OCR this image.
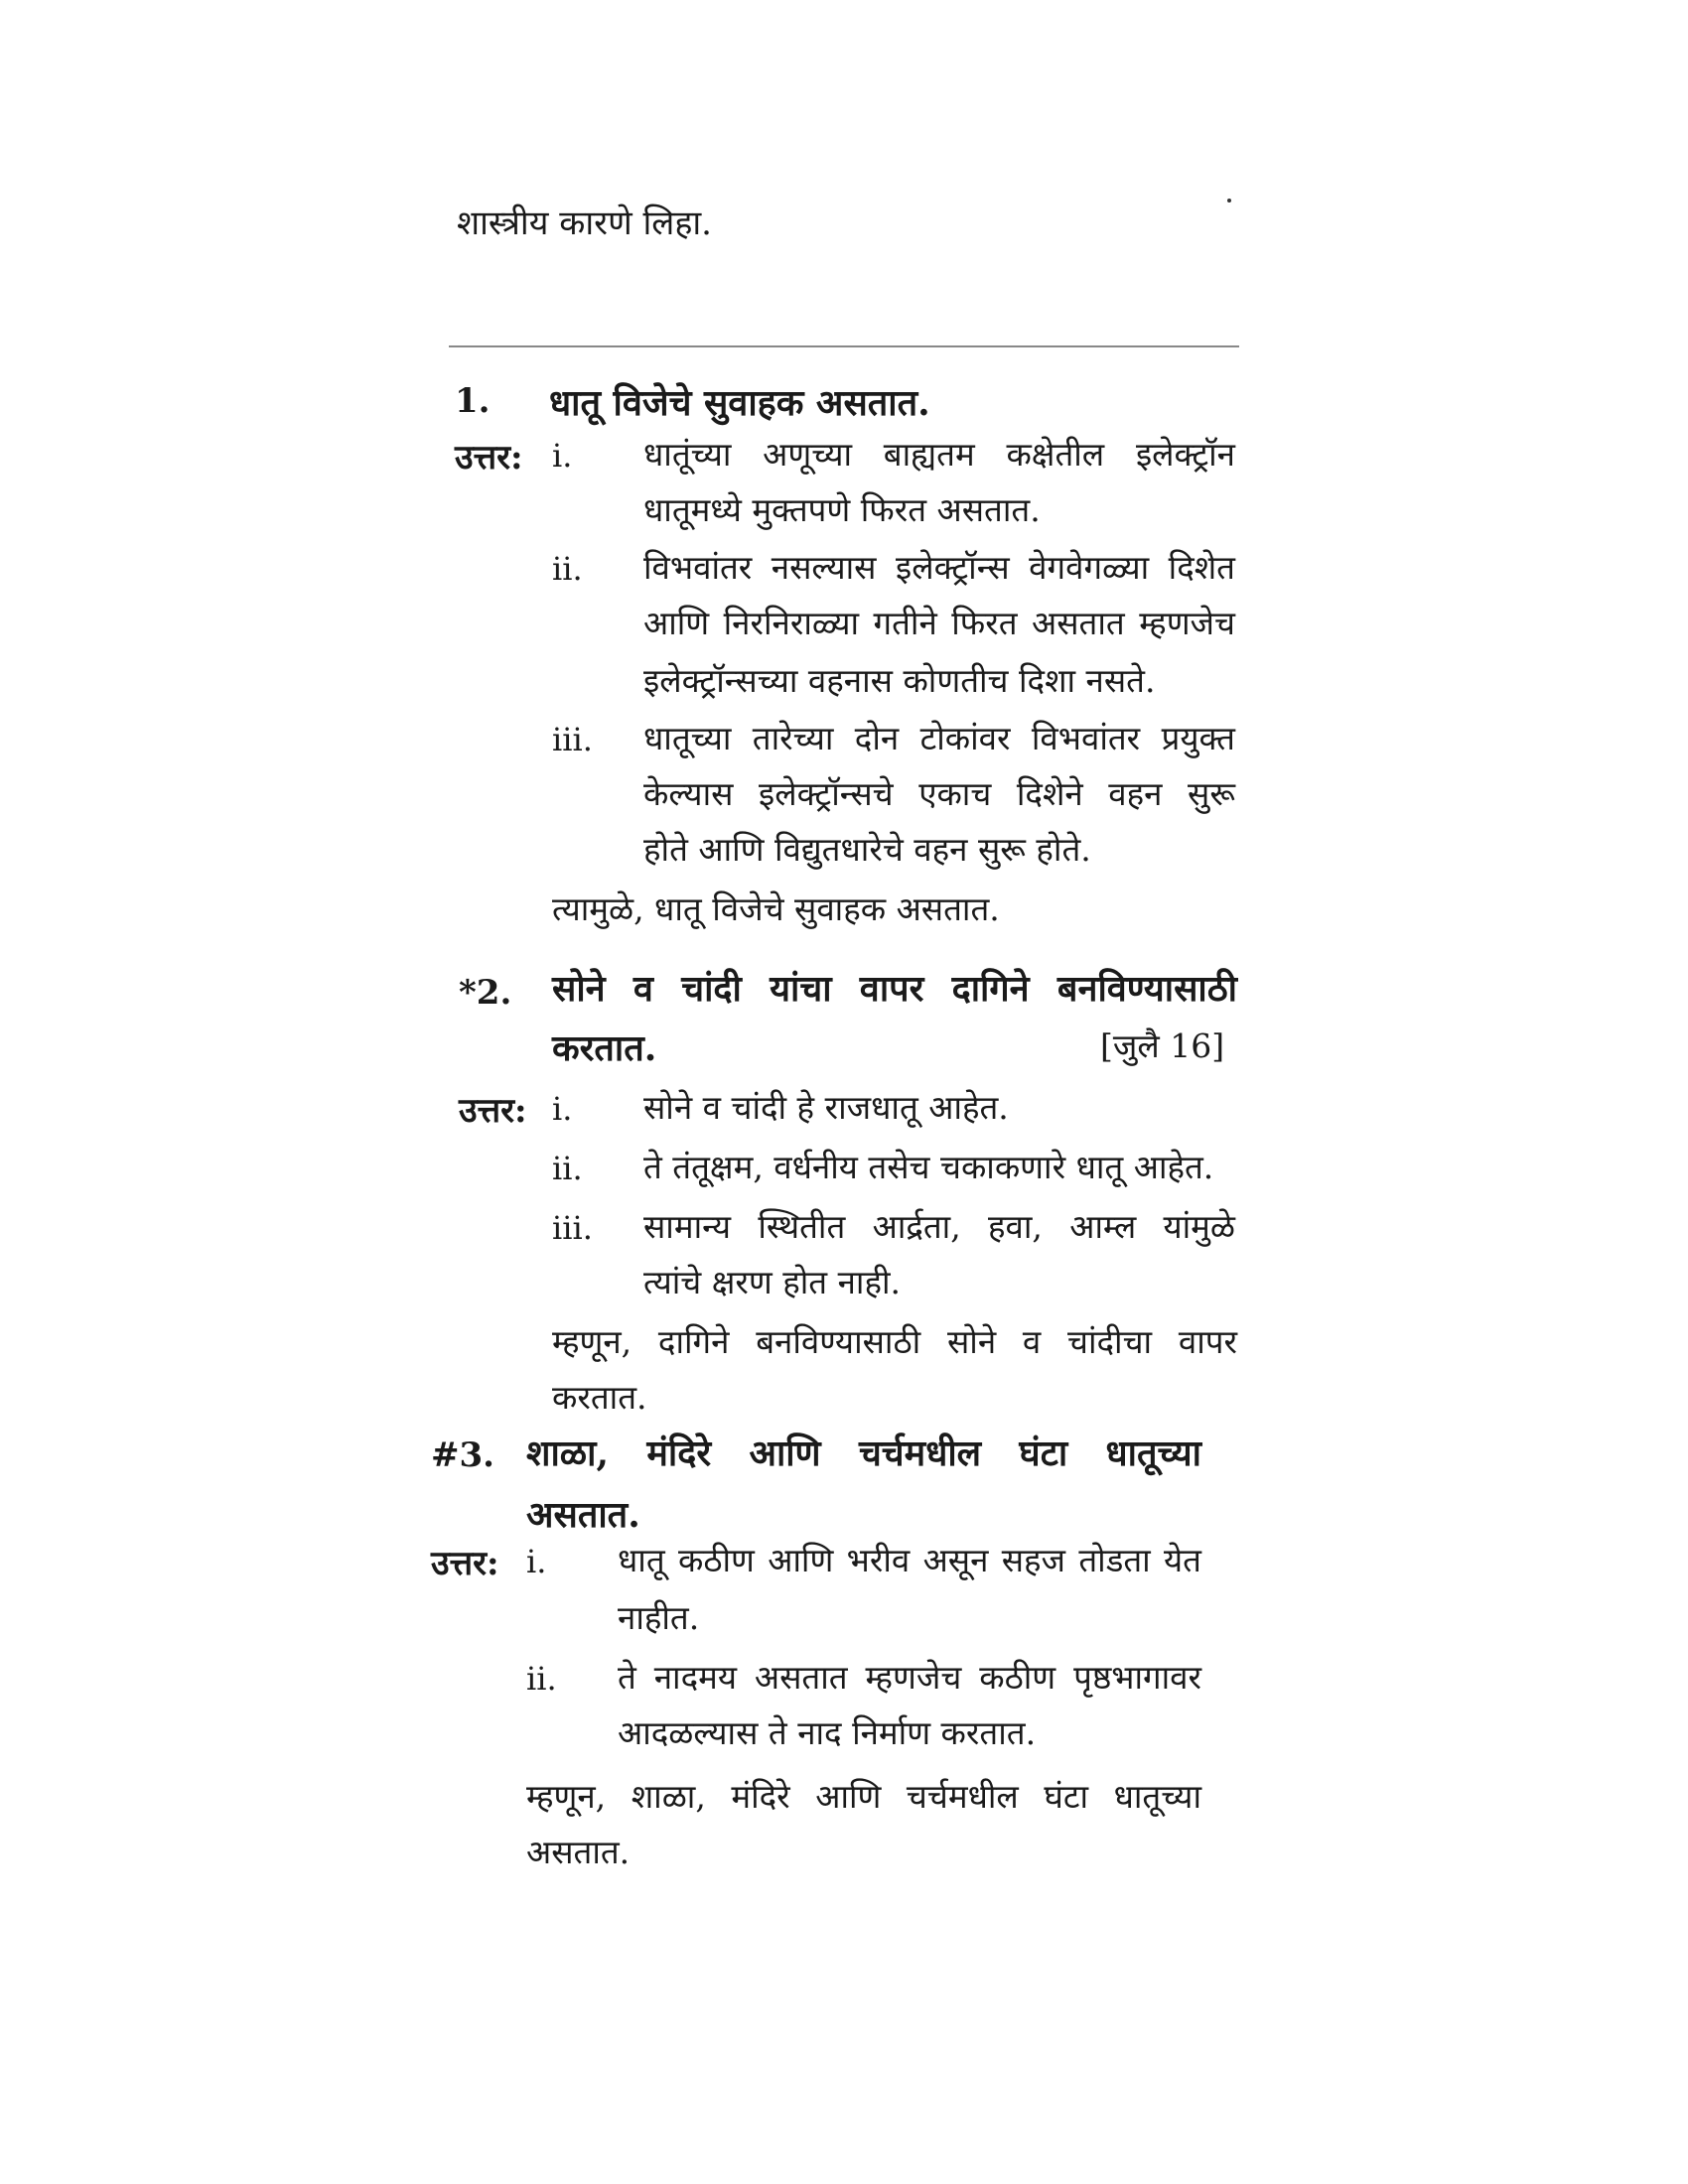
शास्त्रीय कारणे लिहा.
1. धातू विजेचे सुवाहक असतात.
उत्तर: i. धातूंच्या अणूच्या बाह्यतम कक्षेतील इलेक्ट्रॉन
धातूमध्ये मुक्तपणे फिरत असतात.
ii. विभवांतर नसल्यास इलेक्ट्रॉन्स वेगवेगळ्या दिशेत
आणि निरनिराळ्या गतीने फिरत असतात म्हणजेच
इलेक्ट्रॉन्सच्या वहनास कोणतीच दिशा नसते.
iii. धातूच्या तारेच्या दोन टोकांवर विभवांतर प्रयुक्त
केल्यास इलेक्ट्रॉन्सचे एकाच दिशेने वहन सुरू
होते आणि विद्युतधारेचे वहन सुरू होते.
त्यामुळे, धातू विजेचे सुवाहक असतात.
*2. सोने व चांदी यांचा वापर दागिने बनविण्यासाठी
करतात.	[जुलै 16]
उत्तर: i. सोने व चांदी हे राजधातू आहेत.
ii. ते तंतूक्षम, वर्धनीय तसेच चकाकणारे धातू आहेत.
iii. सामान्य स्थितीत आर्द्रता, हवा, आम्ल यांमुळे
त्यांचे क्षरण होत नाही.
म्हणून, दागिने बनविण्यासाठी सोने व चांदीचा वापर
करतात.
#3. शाळा, मंदिरे आणि चर्चमधील घंटा धातूच्या
असतात.
उत्तर: i. धातू कठीण आणि भरीव असून सहज तोडता येत
नाहीत.
ii. ते नादमय असतात म्हणजेच कठीण पृष्ठभागावर
आदळल्यास ते नाद निर्माण करतात.
म्हणून, शाळा, मंदिरे आणि चर्चमधील घंटा धातूच्या
असतात.
